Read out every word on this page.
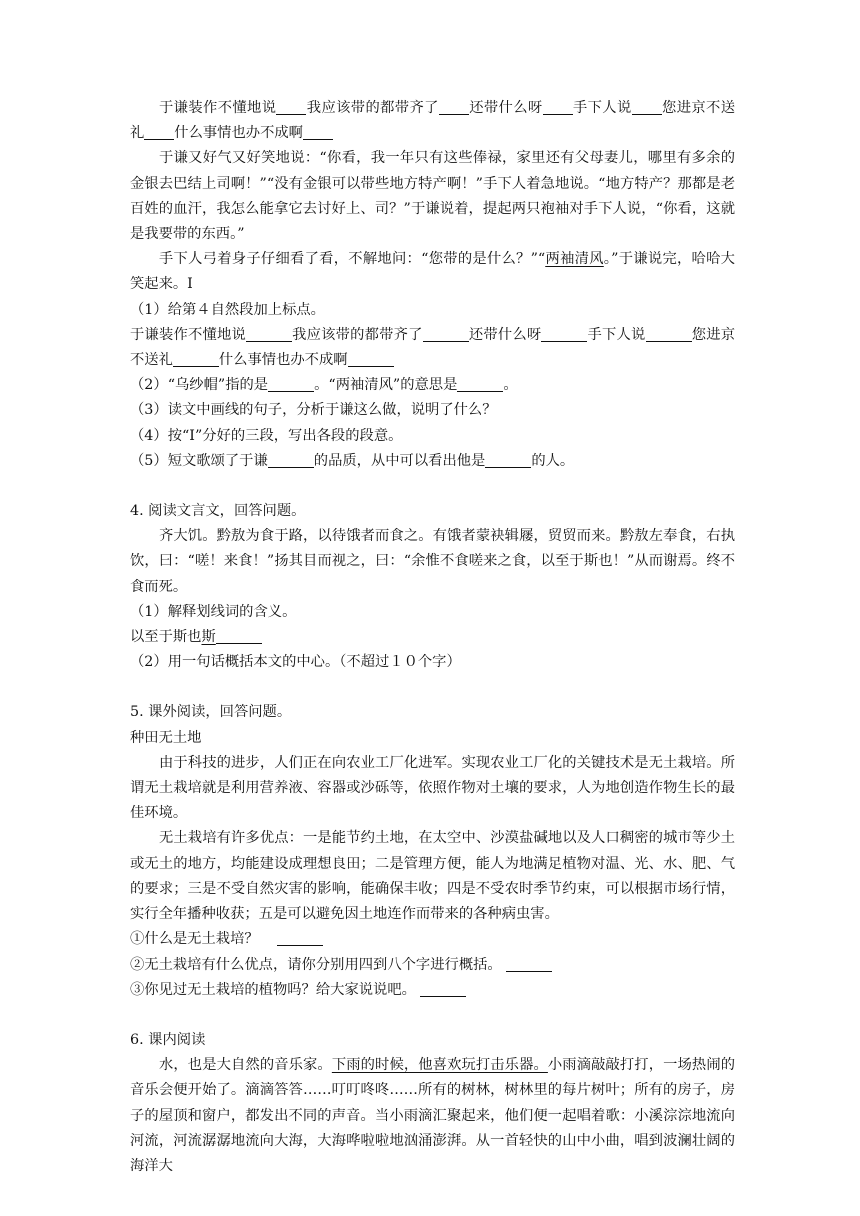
于谦装作不懂地说 我应该带的都带齐了 还带什么呀 手下人说 您进京不送礼 什么事情也办不成啊

于谦又好气又好笑地说：“你看，我一年只有这些俸禄，家里还有父母妻儿，哪里有多余的金银去巴结上司啊！”“没有金银可以带些地方特产啊！”手下人着急地说。“地方特产？那都是老百姓的血汗，我怎么能拿它去讨好上、司？”于谦说着，提起两只袍袖对手下人说，“你看，这就是我要带的东西。”

手下人弓着身子仔细看了看，不解地问：“您带的是什么？”“两袖清风。”于谦说完，哈哈大笑起来。Ⅰ

（1）给第４自然段加上标点。

于谦装作不懂地说	我应该带的都带齐了	还带什么呀	手下人说	您进京不送礼	什么事情也办不成啊

（2）“乌纱帽”指的是	。“两袖清风”的意思是	。

（3）读文中画线的句子，分析于谦这么做，说明了什么？

（4）按“Ⅰ”分好的三段，写出各段的段意。

（5）短文歌颂了于谦	的品质，从中可以看出他是	的人。

4. 阅读文言文，回答问题。

齐大饥。黔敖为食于路，以待饿者而食之。有饿者蒙袂辑屦，贸贸而来。黔敖左奉食，右执饮，曰：“嗟！来食！”扬其目而视之，曰：“余惟不食嗟来之食，以至于斯也！”从而谢焉。终不食而死。

（1）解释划线词的含义。

以至于斯也斯

（2）用一句话概括本文的中心。（不超过１０个字）

5. 课外阅读，回答问题。

种田无土地

由于科技的进步，人们正在向农业工厂化进军。实现农业工厂化的关键技术是无土栽培。所谓无土栽培就是利用营养液、容器或沙砾等，依照作物对土壤的要求，人为地创造作物生长的最佳环境。

无土栽培有许多优点：一是能节约土地，在太空中、沙漠盐碱地以及人口稠密的城市等少土或无土的地方，均能建设成理想良田；二是管理方便，能人为地满足植物对温、光、水、肥、气的要求；三是不受自然灾害的影响，能确保丰收；四是不受农时季节约束，可以根据市场行情，实行全年播种收获；五是可以避免因土地连作而带来的各种病虫害。

①什么是无土栽培？

②无土栽培有什么优点，请你分别用四到八个字进行概括。

③你见过无土栽培的植物吗？给大家说说吧。

6. 课内阅读

水，也是大自然的音乐家。下雨的时候，他喜欢玩打击乐器。小雨滴敲敲打打，一场热闹的音乐会便开始了。滴滴答答……叮叮咚咚……所有的树林，树林里的每片树叶；所有的房子，房子的屋顶和窗户，都发出不同的声音。当小雨滴汇聚起来，他们便一起唱着歌：小溪淙淙地流向河流，河流潺潺地流向大海，大海哗啦啦地汹涌澎湃。从一首轻快的山中小曲，唱到波澜壮阔的海洋大
